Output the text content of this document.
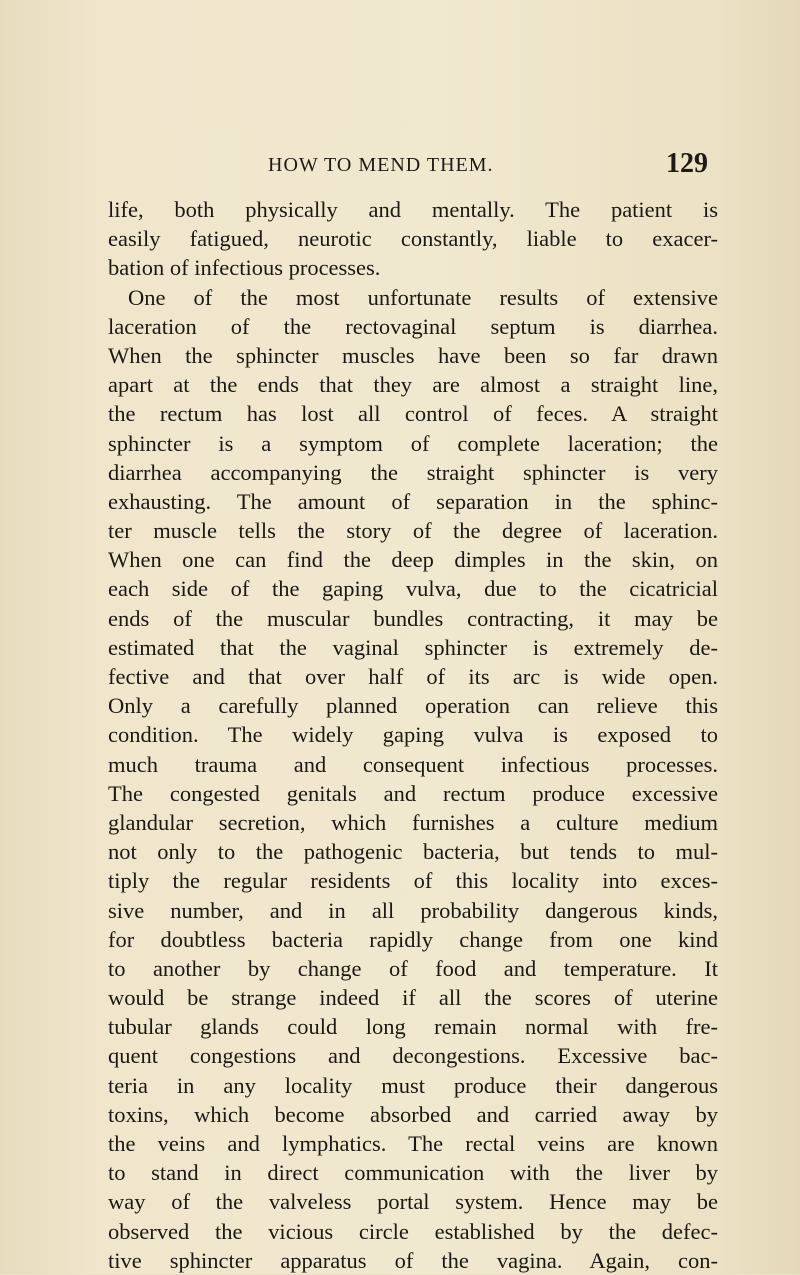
HOW TO MEND THEM.	129
life, both physically and mentally. The patient is
easily fatigued, neurotic constantly, liable to exacer-
bation of infectious processes.
One of the most unfortunate results of extensive
laceration of the rectovaginal septum is diarrhea.
When the sphincter muscles have been so far drawn
apart at the ends that they are almost a straight line,
the rectum has lost all control of feces. A straight
sphincter is a symptom of complete laceration; the
diarrhea accompanying the straight sphincter is very
exhausting. The amount of separation in the sphinc-
ter muscle tells the story of the degree of laceration.
When one can find the deep dimples in the skin, on
each side of the gaping vulva, due to the cicatricial
ends of the muscular bundles contracting, it may be
estimated that the vaginal sphincter is extremely de-
fective and that over half of its arc is wide open.
Only a carefully planned operation can relieve this
condition. The widely gaping vulva is exposed to
much trauma and consequent infectious processes.
The congested genitals and rectum produce excessive
glandular secretion, which furnishes a culture medium
not only to the pathogenic bacteria, but tends to mul-
tiply the regular residents of this locality into exces-
sive number, and in all probability dangerous kinds,
for doubtless bacteria rapidly change from one kind
to another by change of food and temperature. It
would be strange indeed if all the scores of uterine
tubular glands could long remain normal with fre-
quent congestions and decongestions. Excessive bac-
teria in any locality must produce their dangerous
toxins, which become absorbed and carried away by
the veins and lymphatics. The rectal veins are known
to stand in direct communication with the liver by
way of the valveless portal system. Hence may be
observed the vicious circle established by the defec-
tive sphincter apparatus of the vagina. Again, con-
